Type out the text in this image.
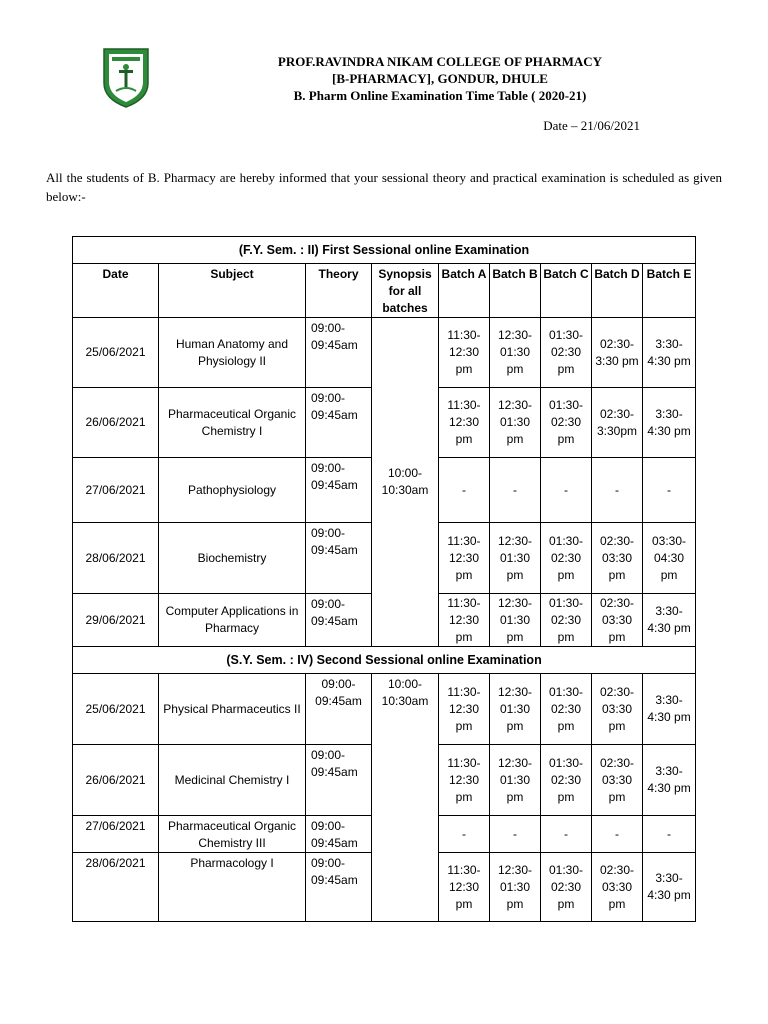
PROF.RAVINDRA NIKAM COLLEGE OF PHARMACY
[B-PHARMACY], GONDUR, DHULE
B. Pharm Online Examination Time Table ( 2020-21)
Date – 21/06/2021
All the students of B. Pharmacy are hereby informed that your sessional theory and practical examination is scheduled as given below:-
(F.Y. Sem. : II) First Sessional online Examination								
Date	Subject	Theory	Synopsis for all batches	Batch A	Batch B	Batch C	Batch D	Batch E
25/06/2021	Human Anatomy and Physiology II	09:00-09:45am	10:00-10:30am	11:30-12:30 pm	12:30-01:30 pm	01:30-02:30 pm	02:30-3:30 pm	3:30-4:30 pm
26/06/2021	Pharmaceutical Organic Chemistry I	09:00-09:45am		11:30-12:30 pm	12:30-01:30 pm	01:30-02:30 pm	02:30-3:30pm	3:30-4:30 pm
27/06/2021	Pathophysiology	09:00-09:45am		-	-	-	-	-
28/06/2021	Biochemistry	09:00-09:45am		11:30-12:30 pm	12:30-01:30 pm	01:30-02:30 pm	02:30-03:30 pm	03:30-04:30 pm
29/06/2021	Computer Applications in Pharmacy	09:00-09:45am		11:30-12:30 pm	12:30-01:30 pm	01:30-02:30 pm	02:30-03:30 pm	3:30-4:30 pm
(S.Y. Sem. : IV) Second Sessional online Examination								
25/06/2021	Physical Pharmaceutics II	09:00-09:45am	10:00-10:30am	11:30-12:30 pm	12:30-01:30 pm	01:30-02:30 pm	02:30-03:30 pm	3:30-4:30 pm
26/06/2021	Medicinal Chemistry I	09:00-09:45am		11:30-12:30 pm	12:30-01:30 pm	01:30-02:30 pm	02:30-03:30 pm	3:30-4:30 pm
27/06/2021	Pharmaceutical Organic Chemistry III	09:00-09:45am		-	-	-	-	-
28/06/2021	Pharmacology I	09:00-09:45am		11:30-12:30 pm	12:30-01:30 pm	01:30-02:30 pm	02:30-03:30 pm	3:30-4:30 pm
